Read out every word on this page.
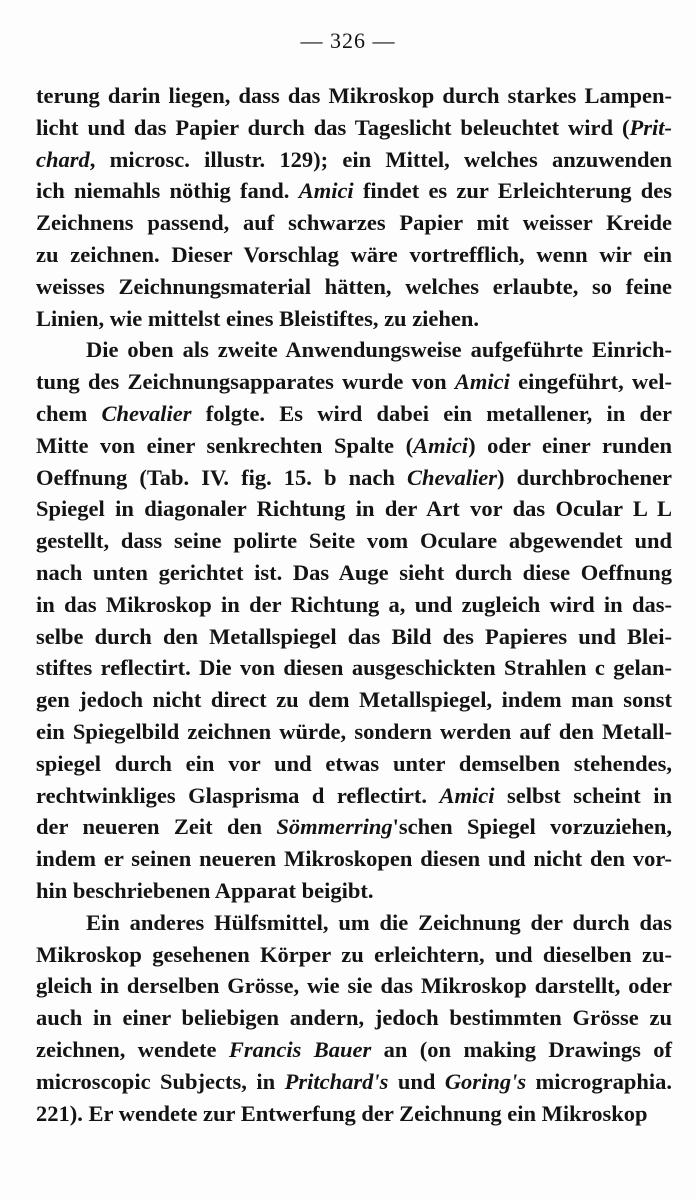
— 326 —
terung darin liegen, dass das Mikroskop durch starkes Lampen-
licht und das Papier durch das Tageslicht beleuchtet wird (Prit-
chard, microsc. illustr. 129); ein Mittel, welches anzuwenden
ich niemahls nöthig fand. Amici findet es zur Erleichterung des
Zeichnens passend, auf schwarzes Papier mit weisser Kreide
zu zeichnen. Dieser Vorschlag wäre vortrefflich, wenn wir ein
weisses Zeichnungsmaterial hätten, welches erlaubte, so feine
Linien, wie mittelst eines Bleistiftes, zu ziehen.
Die oben als zweite Anwendungsweise aufgeführte Einrich-
tung des Zeichnungsapparates wurde von Amici eingeführt, wel-
chem Chevalier folgte. Es wird dabei ein metallener, in der
Mitte von einer senkrechten Spalte (Amici) oder einer runden
Oeffnung (Tab. IV. fig. 15. b nach Chevalier) durchbrochener
Spiegel in diagonaler Richtung in der Art vor das Ocular L L
gestellt, dass seine polirte Seite vom Oculare abgewendet und
nach unten gerichtet ist. Das Auge sieht durch diese Oeffnung
in das Mikroskop in der Richtung a, und zugleich wird in das-
selbe durch den Metallspiegel das Bild des Papieres und Blei-
stiftes reflectirt. Die von diesen ausgeschickten Strahlen c gelan-
gen jedoch nicht direct zu dem Metallspiegel, indem man sonst
ein Spiegelbild zeichnen würde, sondern werden auf den Metall-
spiegel durch ein vor und etwas unter demselben stehendes,
rechtwinkliges Glasprisma d reflectirt. Amici selbst scheint in
der neueren Zeit den Sömmerring'schen Spiegel vorzuziehen,
indem er seinen neueren Mikroskopen diesen und nicht den vor-
hin beschriebenen Apparat beigibt.
Ein anderes Hülfsmittel, um die Zeichnung der durch das
Mikroskop gesehenen Körper zu erleichtern, und dieselben zu-
gleich in derselben Grösse, wie sie das Mikroskop darstellt, oder
auch in einer beliebigen andern, jedoch bestimmten Grösse zu
zeichnen, wendete Francis Bauer an (on making Drawings of
microscopic Subjects, in Pritchard's und Goring's micrographia.
221). Er wendete zur Entwerfung der Zeichnung ein Mikroskop
